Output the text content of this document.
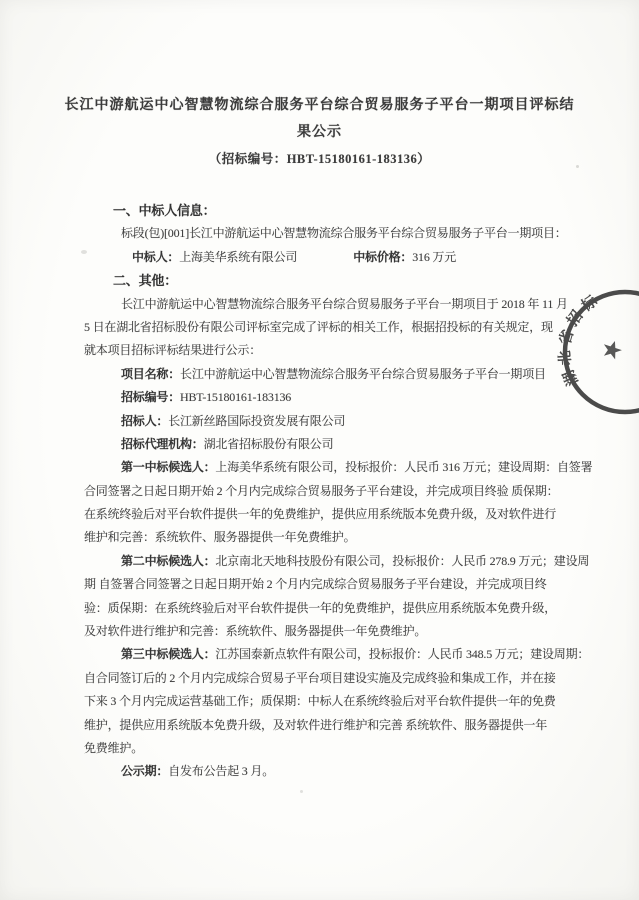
长江中游航运中心智慧物流综合服务平台综合贸易服务子平台一期项目评标结
果公示
（招标编号：HBT-15180161-183136）
一、中标人信息：
标段(包)[001]长江中游航运中心智慧物流综合服务平台综合贸易服务子平台一期项目：
中标人：上海美华系统有限公司	中标价格：316 万元
二、其他：
长江中游航运中心智慧物流综合服务平台综合贸易服务子平台一期项目于 2018 年 11 月
5 日在湖北省招标股份有限公司评标室完成了评标的相关工作，根据招投标的有关规定，现
就本项目招标评标结果进行公示：
项目名称：长江中游航运中心智慧物流综合服务平台综合贸易服务子平台一期项目
招标编号：HBT-15180161-183136
招标人：长江新丝路国际投资发展有限公司
招标代理机构：湖北省招标股份有限公司
第一中标候选人：上海美华系统有限公司，投标报价：人民币 316 万元；建设周期：自签署
合同签署之日起日期开始 2 个月内完成综合贸易服务子平台建设，并完成项目终验 质保期：
在系统终验后对平台软件提供一年的免费维护，提供应用系统版本免费升级，及对软件进行
维护和完善：系统软件、服务器提供一年免费维护。
第二中标候选人：北京南北天地科技股份有限公司，投标报价：人民币 278.9 万元；建设周
期 自签署合同签署之日起日期开始 2 个月内完成综合贸易服务子平台建设，并完成项目终
验：质保期：在系统终验后对平台软件提供一年的免费维护，提供应用系统版本免费升级，
及对软件进行维护和完善：系统软件、服务器提供一年免费维护。
第三中标候选人：江苏国泰新点软件有限公司，投标报价：人民币 348.5 万元；建设周期：
自合同签订后的 2 个月内完成综合贸易子平台项目建设实施及完成终验和集成工作，并在接
下来 3 个月内完成运营基础工作；质保期：中标人在系统终验后对平台软件提供一年的免费
维护，提供应用系统版本免费升级，及对软件进行维护和完善 系统软件、服务器提供一年
免费维护。
公示期：自发布公告起 3 月。
湖北省招标
